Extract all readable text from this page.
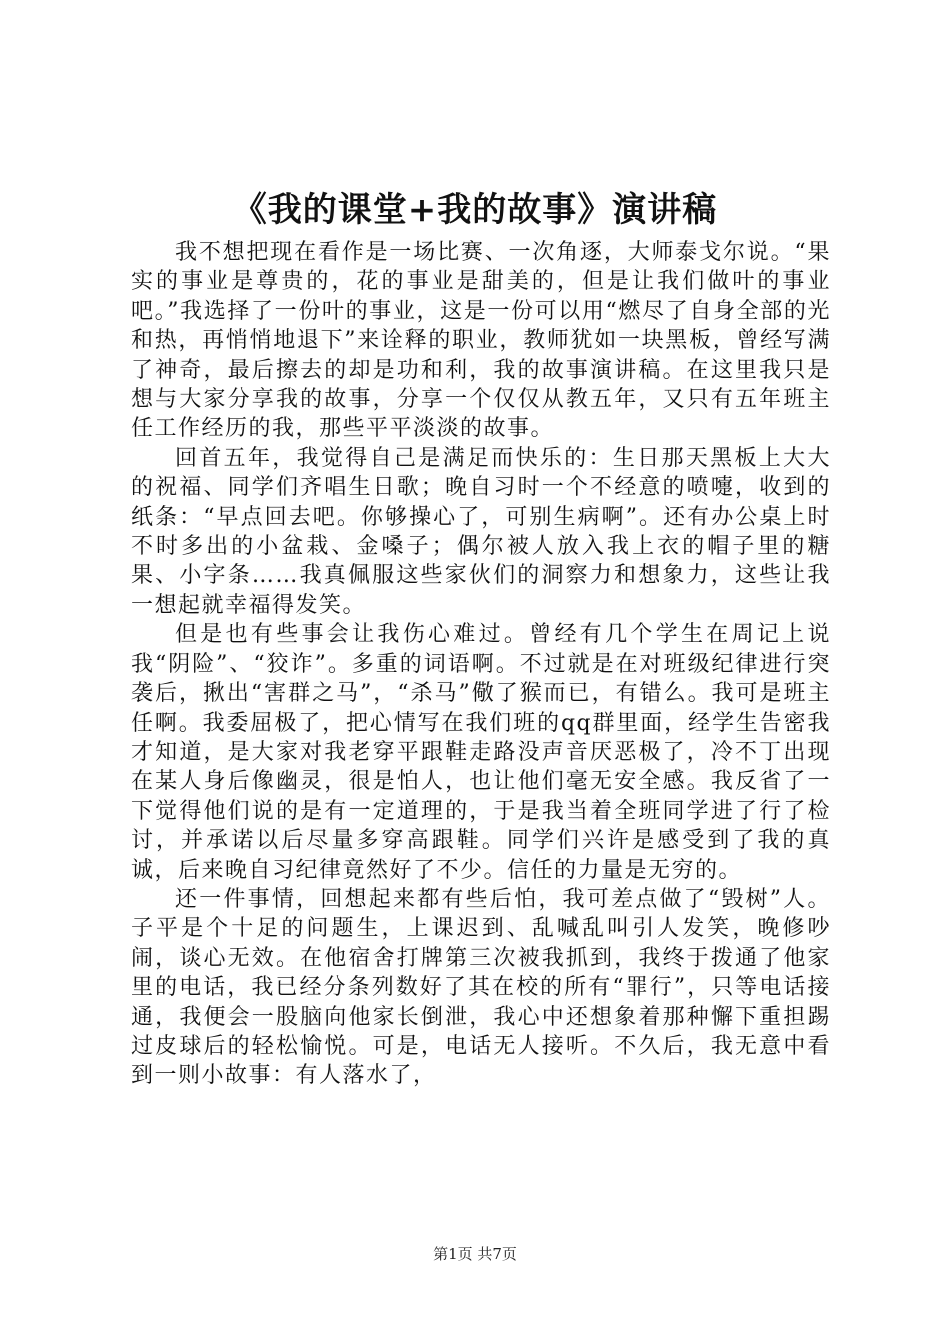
《我的课堂+我的故事》演讲稿

我不想把现在看作是一场比赛、一次角逐，大师泰戈尔说。“果实的事业是尊贵的，花的事业是甜美的，但是让我们做叶的事业吧。”我选择了一份叶的事业，这是一份可以用“燃尽了自身全部的光和热，再悄悄地退下”来诠释的职业，教师犹如一块黑板，曾经写满了神奇，最后擦去的却是功和利，我的故事演讲稿。在这里我只是想与大家分享我的故事，分享一个仅仅从教五年，又只有五年班主任工作经历的我，那些平平淡淡的故事。

回首五年，我觉得自己是满足而快乐的：生日那天黑板上大大的祝福、同学们齐唱生日歌；晚自习时一个不经意的喷嚏，收到的纸条：“早点回去吧。你够操心了，可别生病啊”。还有办公桌上时不时多出的小盆栽、金嗓子；偶尔被人放入我上衣的帽子里的糖果、小字条……我真佩服这些家伙们的洞察力和想象力，这些让我一想起就幸福得发笑。

但是也有些事会让我伤心难过。曾经有几个学生在周记上说我“阴险”、“狡诈”。多重的词语啊。不过就是在对班级纪律进行突袭后，揪出“害群之马”，“杀马”儆了猴而已，有错么。我可是班主任啊。我委屈极了，把心情写在我们班的qq群里面，经学生告密我才知道，是大家对我老穿平跟鞋走路没声音厌恶极了，冷不丁出现在某人身后像幽灵，很是怕人，也让他们毫无安全感。我反省了一下觉得他们说的是有一定道理的，于是我当着全班同学进了行了检讨，并承诺以后尽量多穿高跟鞋。同学们兴许是感受到了我的真诚，后来晚自习纪律竟然好了不少。信任的力量是无穷的。

还一件事情，回想起来都有些后怕，我可差点做了“毁树”人。子平是个十足的问题生，上课迟到、乱喊乱叫引人发笑，晚修吵闹，谈心无效。在他宿舍打牌第三次被我抓到，我终于拨通了他家里的电话，我已经分条列数好了其在校的所有“罪行”，只等电话接通，我便会一股脑向他家长倒泄，我心中还想象着那种懈下重担踢过皮球后的轻松愉悦。可是，电话无人接听。不久后，我无意中看到一则小故事：有人落水了，

第1页 共7页
